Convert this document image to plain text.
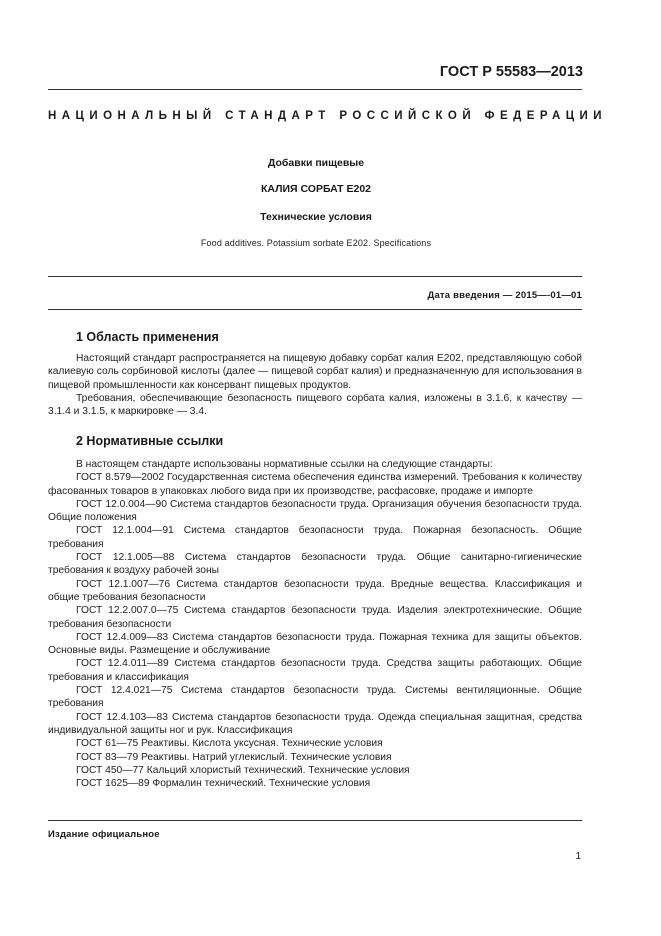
ГОСТ Р 55583—2013
НАЦИОНАЛЬНЫЙ СТАНДАРТ РОССИЙСКОЙ ФЕДЕРАЦИИ
Добавки пищевые
КАЛИЯ СОРБАТ E202
Технические условия
Food additives. Potassium sorbate E202. Specifications
Дата введения — 2015—-01—01
1 Область применения

Настоящий стандарт распространяется на пищевую добавку сорбат калия E202, представляющую собой калиевую соль сорбиновой кислоты (далее — пищевой сорбат калия) и предназначенную для использования в пищевой промышленности как консервант пищевых продуктов.

Требования, обеспечивающие безопасность пищевого сорбата калия, изложены в 3.1.6, к качеству — 3.1.4 и 3.1.5, к маркировке — 3.4.

2 Нормативные ссылки

В настоящем стандарте использованы нормативные ссылки на следующие стандарты:

ГОСТ 8.579—2002 Государственная система обеспечения единства измерений. Требования к количеству фасованных товаров в упаковках любого вида при их производстве, расфасовке, продаже и импорте

ГОСТ 12.0.004—90 Система стандартов безопасности труда. Организация обучения безопасности труда. Общие положения

ГОСТ 12.1.004—91 Система стандартов безопасности труда. Пожарная безопасность. Общие требования

ГОСТ 12.1.005—88 Система стандартов безопасности труда. Общие санитарно-гигиенические требования к воздуху рабочей зоны

ГОСТ 12.1.007—76 Система стандартов безопасности труда. Вредные вещества. Классификация и общие требования безопасности

ГОСТ 12.2.007.0—75 Система стандартов безопасности труда. Изделия электротехнические. Общие требования безопасности

ГОСТ 12.4.009—83 Система стандартов безопасности труда. Пожарная техника для защиты объектов. Основные виды. Размещение и обслуживание

ГОСТ 12.4.011—89 Система стандартов безопасности труда. Средства защиты работающих. Общие требования и классификация

ГОСТ 12.4.021—75 Система стандартов безопасности труда. Системы вентиляционные. Общие требования

ГОСТ 12.4.103—83 Система стандартов безопасности труда. Одежда специальная защитная, средства индивидуальной защиты ног и рук. Классификация

ГОСТ 61—75 Реактивы. Кислота уксусная. Технические условия

ГОСТ 83—79 Реактивы. Натрий углекислый. Технические условия

ГОСТ 450—77 Кальций хлористый технический. Технические условия

ГОСТ 1625—89 Формалин технический. Технические условия

Издание официальное
1
